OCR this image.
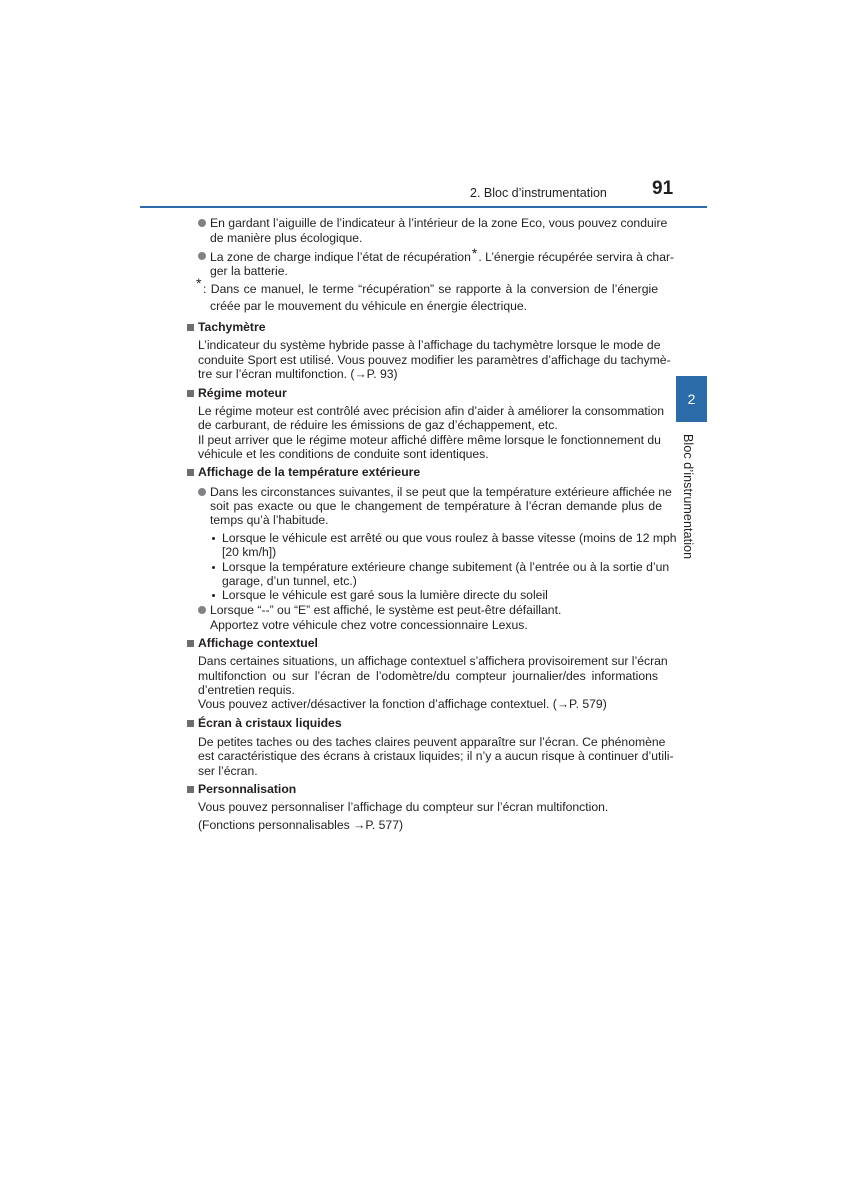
2. Bloc d’instrumentation 91
2
Bloc d’instrumentation
En gardant l’aiguille de l’indicateur à l’intérieur de la zone Eco, vous pouvez conduire
de manière plus écologique.
La zone de charge indique l’état de récupération*. L’énergie récupérée servira à char-
ger la batterie.
* : Dans ce manuel, le terme “récupération” se rapporte à la conversion de l’énergie
créée par le mouvement du véhicule en énergie électrique.
Tachymètre
L’indicateur du système hybride passe à l’affichage du tachymètre lorsque le mode de
conduite Sport est utilisé. Vous pouvez modifier les paramètres d’affichage du tachymè-
tre sur l’écran multifonction. (→P. 93)
Régime moteur
Le régime moteur est contrôlé avec précision afin d’aider à améliorer la consommation
de carburant, de réduire les émissions de gaz d’échappement, etc.
Il peut arriver que le régime moteur affiché diffère même lorsque le fonctionnement du
véhicule et les conditions de conduite sont identiques.
Affichage de la température extérieure
Dans les circonstances suivantes, il se peut que la température extérieure affichée ne
soit pas exacte ou que le changement de température à l’écran demande plus de
temps qu’à l’habitude.
Lorsque le véhicule est arrêté ou que vous roulez à basse vitesse (moins de 12 mph
[20 km/h])
Lorsque la température extérieure change subitement (à l’entrée ou à la sortie d’un
garage, d’un tunnel, etc.)
Lorsque le véhicule est garé sous la lumière directe du soleil
Lorsque “--” ou “E” est affiché, le système est peut-être défaillant.
Apportez votre véhicule chez votre concessionnaire Lexus.
Affichage contextuel
Dans certaines situations, un affichage contextuel s’affichera provisoirement sur l’écran
multifonction ou sur l’écran de l’odomètre/du compteur journalier/des informations
d’entretien requis.
Vous pouvez activer/désactiver la fonction d’affichage contextuel. (→P. 579)
Écran à cristaux liquides
De petites taches ou des taches claires peuvent apparaître sur l’écran. Ce phénomène
est caractéristique des écrans à cristaux liquides; il n’y a aucun risque à continuer d’utili-
ser l’écran.
Personnalisation
Vous pouvez personnaliser l’affichage du compteur sur l’écran multifonction.
(Fonctions personnalisables →P. 577)
